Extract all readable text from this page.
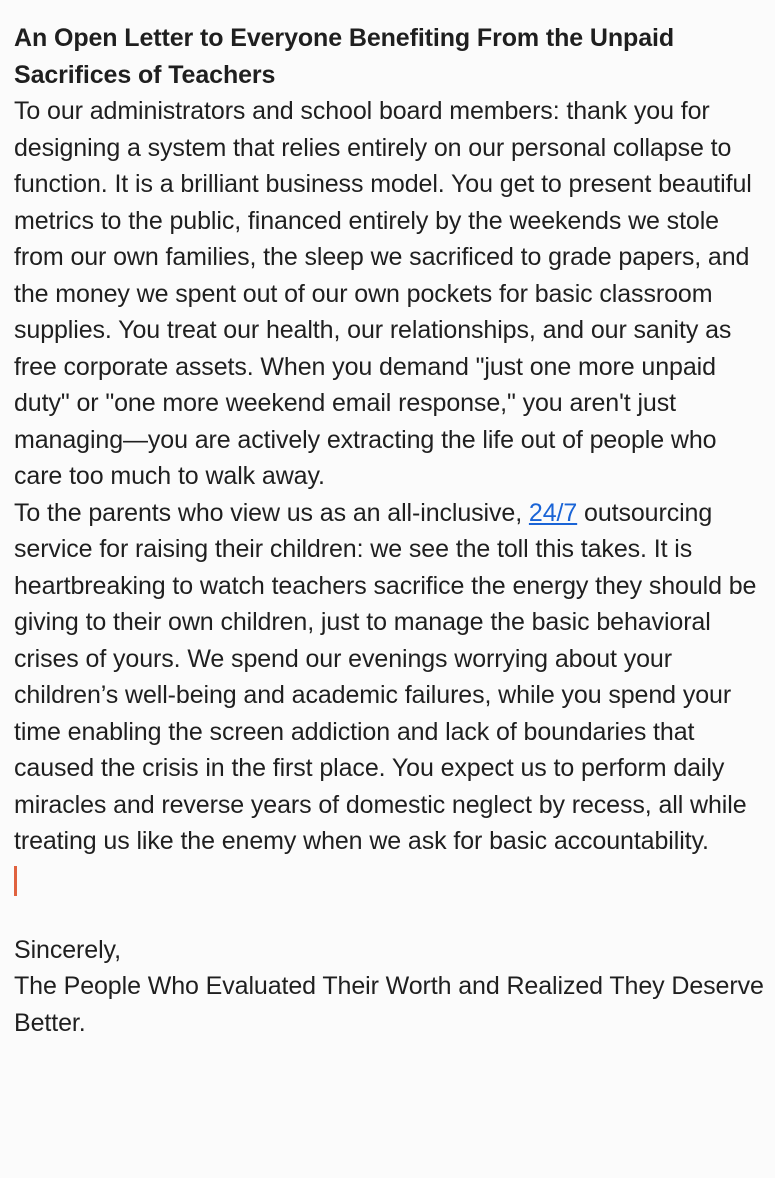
An Open Letter to Everyone Benefiting From the Unpaid Sacrifices of Teachers

To our administrators and school board members: thank you for designing a system that relies entirely on our personal collapse to function. It is a brilliant business model. You get to present beautiful metrics to the public, financed entirely by the weekends we stole from our own families, the sleep we sacrificed to grade papers, and the money we spent out of our own pockets for basic classroom supplies. You treat our health, our relationships, and our sanity as free corporate assets. When you demand "just one more unpaid duty" or "one more weekend email response," you aren't just managing—you are actively extracting the life out of people who care too much to walk away.

To the parents who view us as an all-inclusive, 24/7 outsourcing service for raising their children: we see the toll this takes. It is heartbreaking to watch teachers sacrifice the energy they should be giving to their own children, just to manage the basic behavioral crises of yours. We spend our evenings worrying about your children’s well-being and academic failures, while you spend your time enabling the screen addiction and lack of boundaries that caused the crisis in the first place. You expect us to perform daily miracles and reverse years of domestic neglect by recess, all while treating us like the enemy when we ask for basic accountability.

Sincerely,

The People Who Evaluated Their Worth and Realized They Deserve Better.
